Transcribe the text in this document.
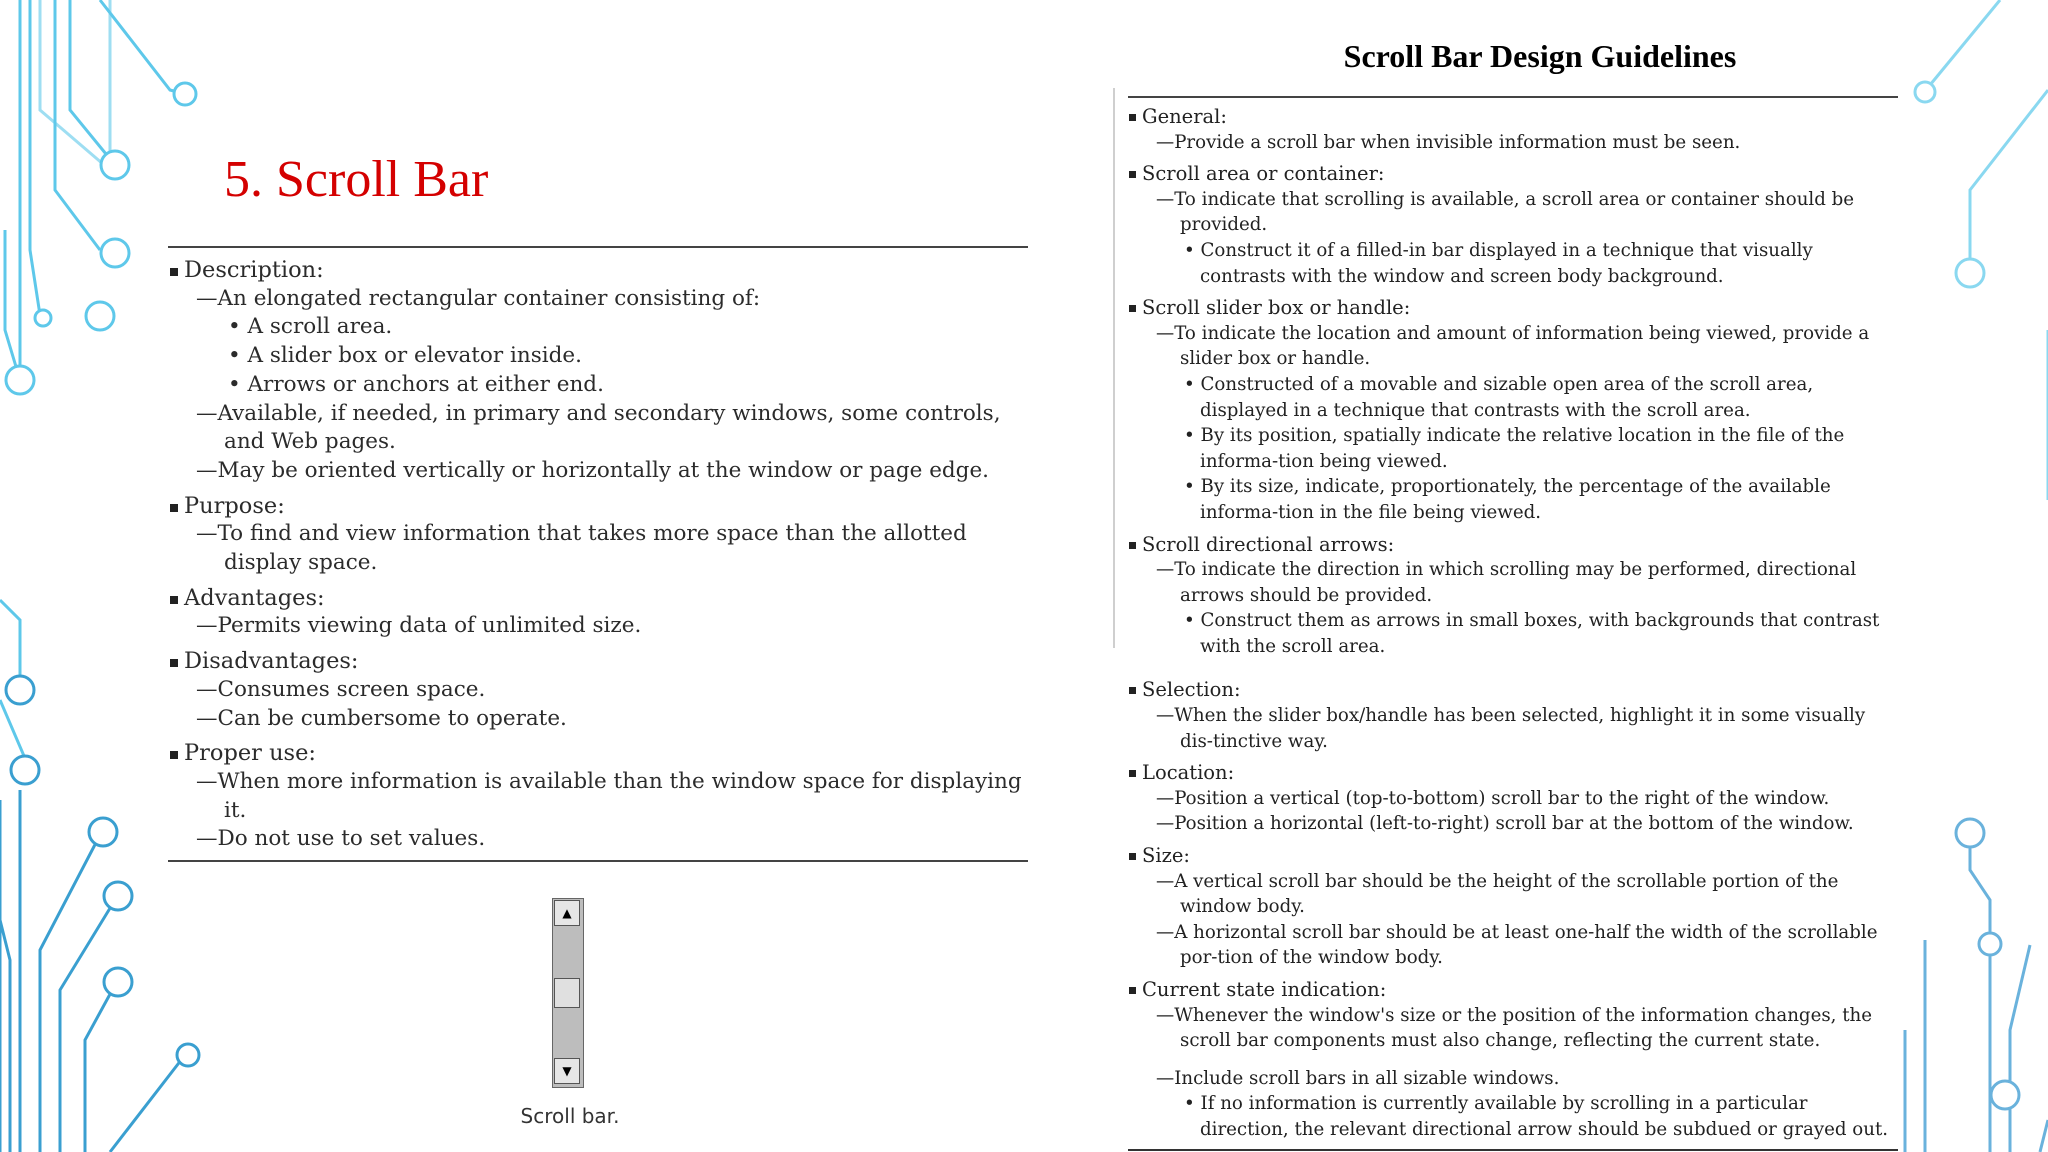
5. Scroll Bar
Description:
— An elongated rectangular container consisting of:
• A scroll area.
• A slider box or elevator inside.
• Arrows or anchors at either end.
— Available, if needed, in primary and secondary windows, some controls, and Web pages.
— May be oriented vertically or horizontally at the window or page edge.
Purpose:
— To find and view information that takes more space than the allotted display space.
Advantages:
— Permits viewing data of unlimited size.
Disadvantages:
— Consumes screen space.
— Can be cumbersome to operate.
Proper use:
— When more information is available than the window space for displaying it.
— Do not use to set values.
▲
▼
Scroll bar.
Scroll Bar Design Guidelines
General:
— Provide a scroll bar when invisible information must be seen.
Scroll area or container:
— To indicate that scrolling is available, a scroll area or container should be provided.
• Construct it of a filled-in bar displayed in a technique that visually contrasts with the window and screen body background.
Scroll slider box or handle:
— To indicate the location and amount of information being viewed, provide a slider box or handle.
• Constructed of a movable and sizable open area of the scroll area, displayed in a technique that contrasts with the scroll area.
• By its position, spatially indicate the relative location in the file of the informa-tion being viewed.
• By its size, indicate, proportionately, the percentage of the available informa-tion in the file being viewed.
Scroll directional arrows:
— To indicate the direction in which scrolling may be performed, directional arrows should be provided.
• Construct them as arrows in small boxes, with backgrounds that contrast with the scroll area.
Selection:
— When the slider box/handle has been selected, highlight it in some visually dis-tinctive way.
Location:
— Position a vertical (top-to-bottom) scroll bar to the right of the window.
— Position a horizontal (left-to-right) scroll bar at the bottom of the window.
Size:
— A vertical scroll bar should be the height of the scrollable portion of the window body.
— A horizontal scroll bar should be at least one-half the width of the scrollable por-tion of the window body.
Current state indication:
— Whenever the window's size or the position of the information changes, the scroll bar components must also change, reflecting the current state.
— Include scroll bars in all sizable windows.
• If no information is currently available by scrolling in a particular direction, the relevant directional arrow should be subdued or grayed out.
